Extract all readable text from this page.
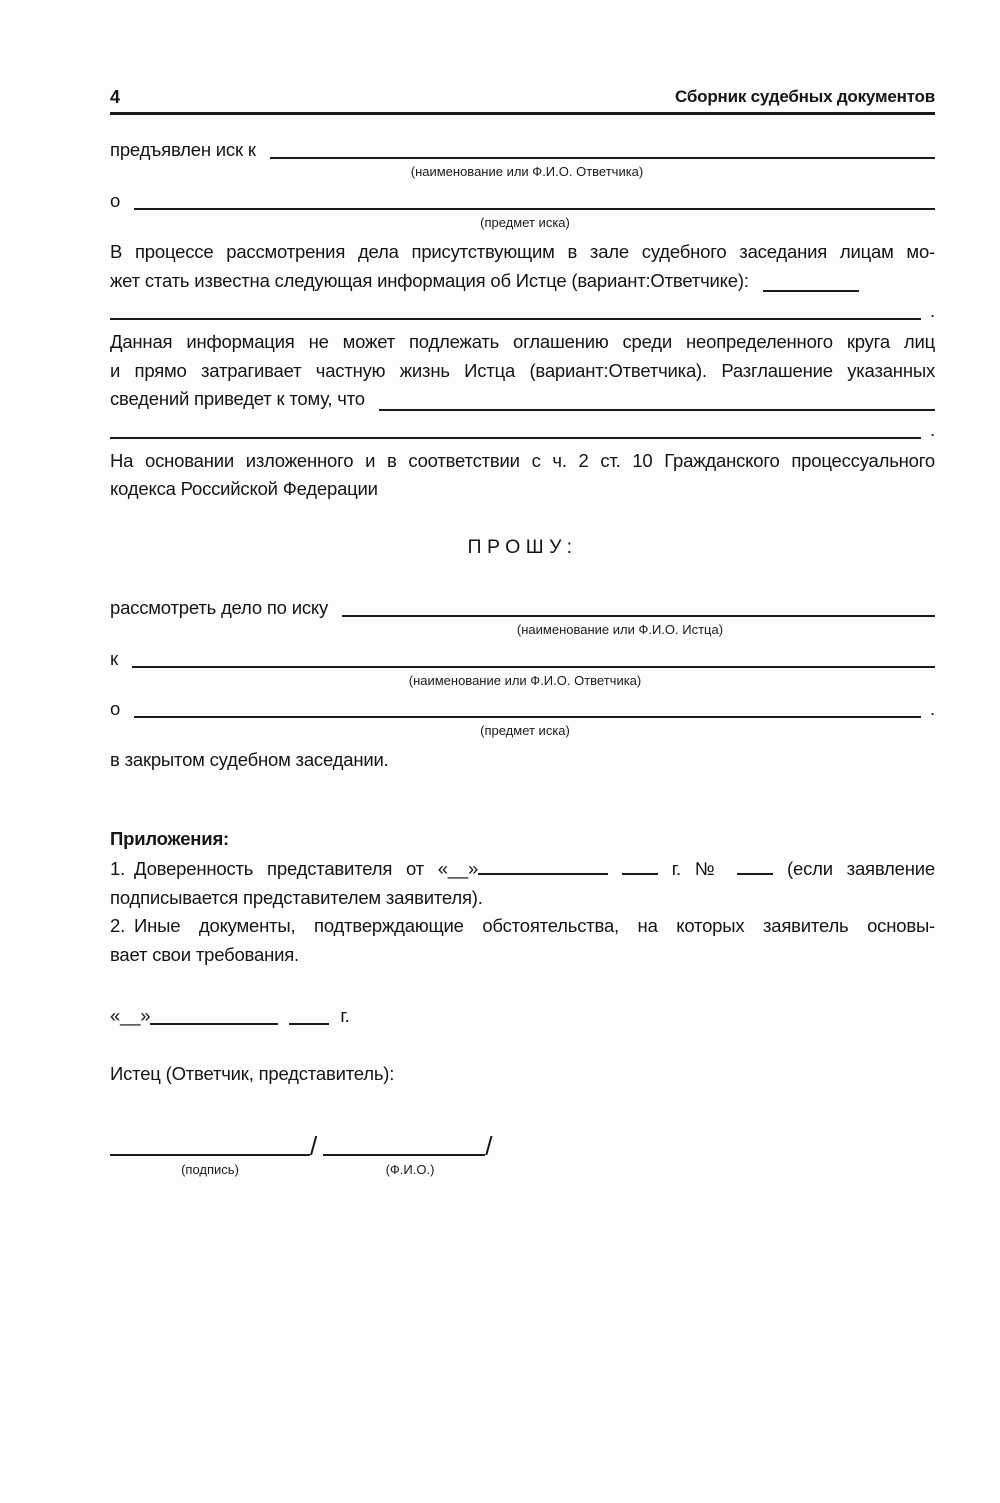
4	Сборник судебных документов
предъявлен иск к
(наименование или Ф.И.О. Ответчика)
о
(предмет иска)
В процессе рассмотрения дела присутствующим в зале судебного заседания лицам мо-
жет стать известна следующая информация об Истце (вариант:Ответчике):
.
Данная информация не может подлежать оглашению среди неопределенного круга лиц
и прямо затрагивает частную жизнь Истца (вариант:Ответчика). Разглашение указанных
сведений приведет к тому, что
.
На основании изложенного и в соответствии с ч. 2 ст. 10 Гражданского процессуального
кодекса Российской Федерации
ПРОШУ:
рассмотреть дело по иску
(наименование или Ф.И.О. Истца)
к
(наименование или Ф.И.О. Ответчика)
о	.
(предмет иска)
в закрытом судебном заседании.
Приложения:
1. Доверенность представителя от «__»	г. №	(если заявление
подписывается представителем заявителя).
2. Иные документы, подтверждающие обстоятельства, на которых заявитель основы-
вает свои требования.
«__»	г.
Истец (Ответчик, представитель):
/	/
(подпись)	(Ф.И.О.)
